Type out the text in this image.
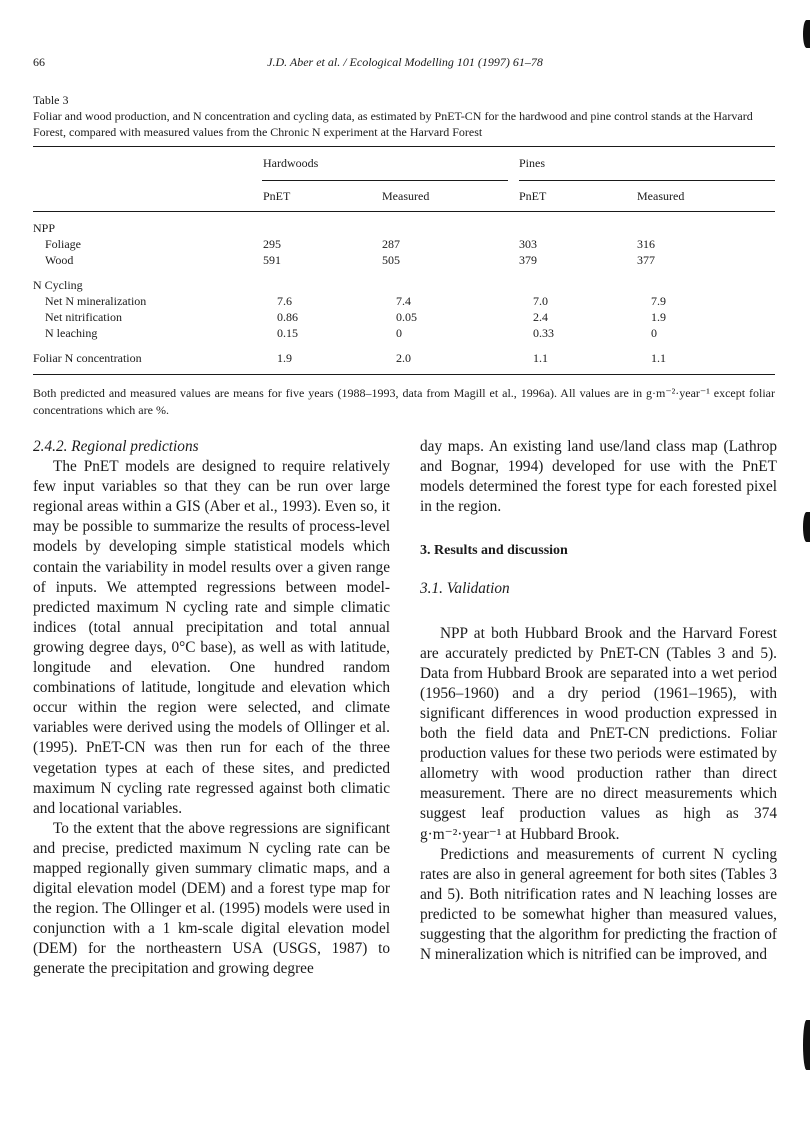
66	J.D. Aber et al. / Ecological Modelling 101 (1997) 61–78
Table 3
Foliar and wood production, and N concentration and cycling data, as estimated by PnET-CN for the hardwood and pine control stands at the Harvard Forest, compared with measured values from the Chronic N experiment at the Harvard Forest
Hardwoods	Pines
PnET	Measured	PnET	Measured
NPP
Foliage	295	287	303	316
Wood	591	505	379	377
N Cycling
Net N mineralization	7.6	7.4	7.0	7.9
Net nitrification	0.86	0.05	2.4	1.9
N leaching	0.15	0	0.33	0
Foliar N concentration	1.9	2.0	1.1	1.1
Both predicted and measured values are means for five years (1988–1993, data from Magill et al., 1996a). All values are in g·m⁻²·year⁻¹ except foliar concentrations which are %.

2.4.2. Regional predictions

The PnET models are designed to require relatively few input variables so that they can be run over large regional areas within a GIS (Aber et al., 1993). Even so, it may be possible to summarize the results of process-level models by developing simple statistical models which contain the variability in model results over a given range of inputs. We attempted regressions between model-predicted maximum N cycling rate and simple climatic indices (total annual precipitation and total annual growing degree days, 0°C base), as well as with latitude, longitude and elevation. One hundred random combinations of latitude, longitude and elevation which occur within the region were selected, and climate variables were derived using the models of Ollinger et al. (1995). PnET-CN was then run for each of the three vegetation types at each of these sites, and predicted maximum N cycling rate regressed against both climatic and locational variables.

To the extent that the above regressions are significant and precise, predicted maximum N cycling rate can be mapped regionally given summary climatic maps, and a digital elevation model (DEM) and a forest type map for the region. The Ollinger et al. (1995) models were used in conjunction with a 1 km-scale digital elevation model (DEM) for the northeastern USA (USGS, 1987) to generate the precipitation and growing degree

day maps. An existing land use/land class map (Lathrop and Bognar, 1994) developed for use with the PnET models determined the forest type for each forested pixel in the region.

3. Results and discussion

3.1. Validation

NPP at both Hubbard Brook and the Harvard Forest are accurately predicted by PnET-CN (Tables 3 and 5). Data from Hubbard Brook are separated into a wet period (1956–1960) and a dry period (1961–1965), with significant differences in wood production expressed in both the field data and PnET-CN predictions. Foliar production values for these two periods were estimated by allometry with wood production rather than direct measurement. There are no direct measurements which suggest leaf production values as high as 374 g·m⁻²·year⁻¹ at Hubbard Brook.

Predictions and measurements of current N cycling rates are also in general agreement for both sites (Tables 3 and 5). Both nitrification rates and N leaching losses are predicted to be somewhat higher than measured values, suggesting that the algorithm for predicting the fraction of N mineralization which is nitrified can be improved, and
